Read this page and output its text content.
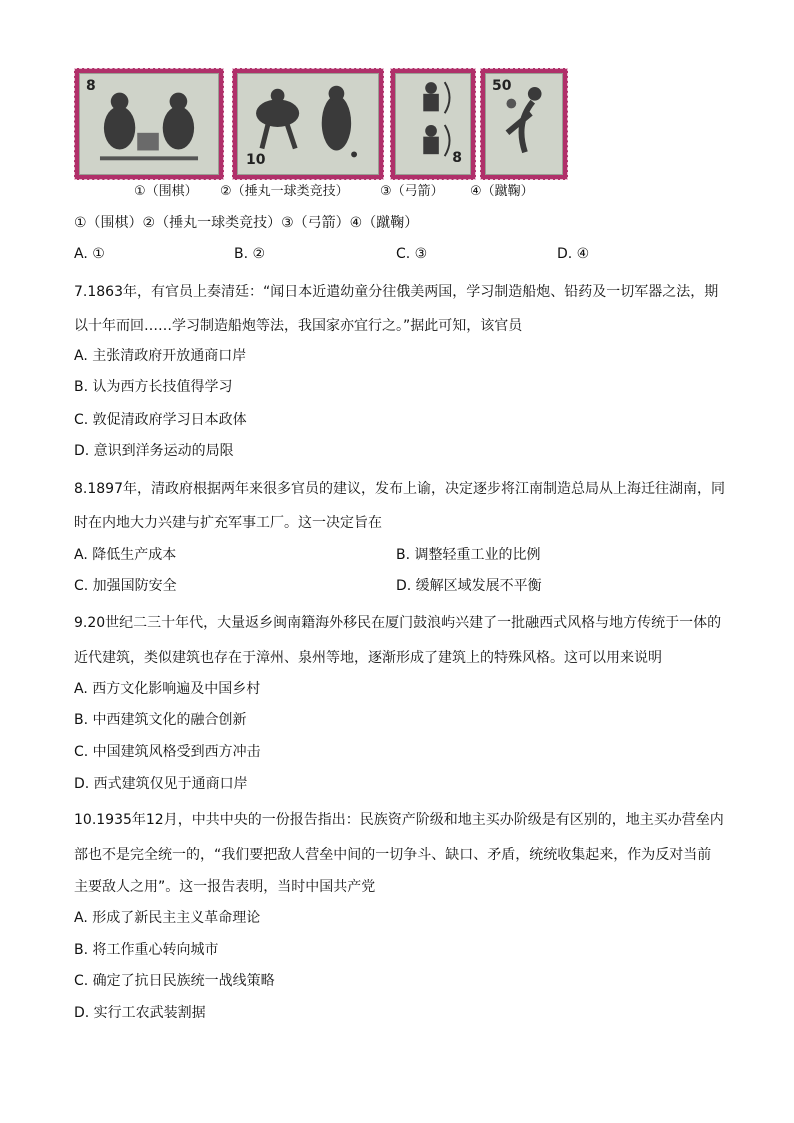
8
10	8
50
①（围棋） ②（捶丸一球类竞技） ③（弓箭） ④（蹴鞠）
①（围棋）②（捶丸一球类竞技）③（弓箭）④（蹴鞠）
A. ①	B. ②	C. ③	D. ④
7.1863年，有官员上奏清廷：“闻日本近遣幼童分往俄美两国，学习制造船炮、铅药及一切军器之法，期
以十年而回……学习制造船炮等法，我国家亦宜行之。”据此可知，该官员
A. 主张清政府开放通商口岸
B. 认为西方长技值得学习
C. 敦促清政府学习日本政体
D. 意识到洋务运动的局限
8.1897年，清政府根据两年来很多官员的建议，发布上谕，决定逐步将江南制造总局从上海迁往湖南，同
时在内地大力兴建与扩充军事工厂。这一决定旨在
A. 降低生产成本	B. 调整轻重工业的比例
C. 加强国防安全	D. 缓解区域发展不平衡
9.20世纪二三十年代，大量返乡闽南籍海外移民在厦门鼓浪屿兴建了一批融西式风格与地方传统于一体的
近代建筑，类似建筑也存在于漳州、泉州等地，逐渐形成了建筑上的特殊风格。这可以用来说明
A. 西方文化影响遍及中国乡村
B. 中西建筑文化的融合创新
C. 中国建筑风格受到西方冲击
D. 西式建筑仅见于通商口岸
10.1935年12月，中共中央的一份报告指出：民族资产阶级和地主买办阶级是有区别的，地主买办营垒内
部也不是完全统一的，“我们要把敌人营垒中间的一切争斗、缺口、矛盾，统统收集起来，作为反对当前
主要敌人之用”。这一报告表明，当时中国共产党
A. 形成了新民主主义革命理论
B. 将工作重心转向城市
C. 确定了抗日民族统一战线策略
D. 实行工农武装割据
